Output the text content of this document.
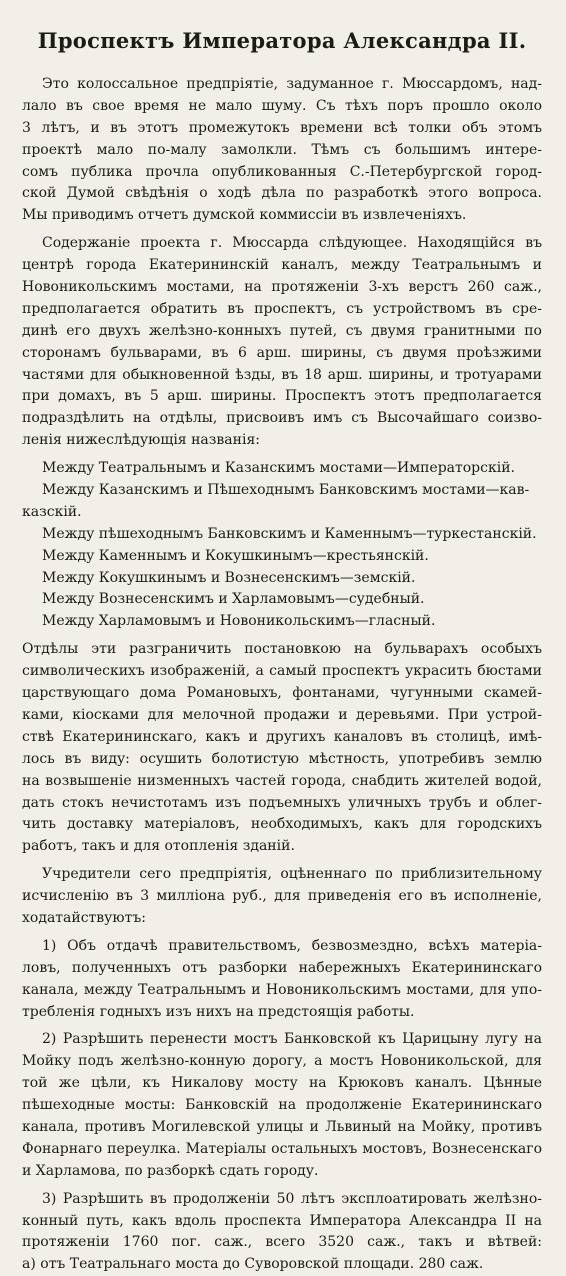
Проспектъ Императора Александра II.
Это колоссальное предпріятіе, задуманное г. Мюссардомъ, над-
лало въ свое время не мало шуму. Съ тѣхъ поръ прошло около
3 лѣтъ, и въ этотъ промежутокъ времени всѣ толки объ этомъ
проектѣ мало по-малу замолкли. Тѣмъ съ большимъ интере-
сомъ публика прочла опубликованныя С.-Петербургской город-
ской Думой свѣдѣнія о ходѣ дѣла по разработкѣ этого вопроса.
Мы приводимъ отчетъ думской коммиссіи въ извлеченіяхъ.
Содержаніе проекта г. Мюссарда слѣдующее. Находящійся въ
центрѣ города Екатерининскій каналъ, между Театральнымъ и
Новоникольскимъ мостами, на протяженіи 3-хъ верстъ 260 саж.,
предполагается обратить въ проспектъ, съ устройствомъ въ сре-
динѣ его двухъ желѣзно-конныхъ путей, съ двумя гранитными по
сторонамъ бульварами, въ 6 арш. ширины, съ двумя проѣзжими
частями для обыкновенной ѣзды, въ 18 арш. ширины, и тротуарами
при домахъ, въ 5 арш. ширины. Проспектъ этотъ предполагается
подраздѣлить на отдѣлы, присвоивъ имъ съ Высочайшаго соизво-
ленія нижеслѣдующія названія:
Между Театральнымъ и Казанскимъ мостами—Императорскій.
Между Казанскимъ и Пѣшеходнымъ Банковскимъ мостами—кав-
казскій.
Между пѣшеходнымъ Банковскимъ и Каменнымъ—туркестанскій.
Между Каменнымъ и Кокушкинымъ—крестьянскій.
Между Кокушкинымъ и Вознесенскимъ—земскій.
Между Вознесенскимъ и Харламовымъ—судебный.
Между Харламовымъ и Новоникольскимъ—гласный.
Отдѣлы эти разграничить постановкою на бульварахъ особыхъ
символическихъ изображеній, а самый проспектъ украсить бюстами
царствующаго дома Романовыхъ, фонтанами, чугунными скамей-
ками, кіосками для мелочной продажи и деревьями. При устрой-
ствѣ Екатерининскаго, какъ и другихъ каналовъ въ столицѣ, имѣ-
лось въ виду: осушить болотистую мѣстность, употребивъ землю
на возвышеніе низменныхъ частей города, снабдить жителей водой,
дать стокъ нечистотамъ изъ подъемныхъ уличныхъ трубъ и облег-
чить доставку матеріаловъ, необходимыхъ, какъ для городскихъ
работъ, такъ и для отопленія зданій.
Учредители сего предпріятія, оцѣненнаго по приблизительному
исчисленію въ 3 милліона руб., для приведенія его въ исполненіе,
ходатайствуютъ:
1) Объ отдачѣ правительствомъ, безвозмездно, всѣхъ матеріа-
ловъ, полученныхъ отъ разборки набережныхъ Екатерининскаго
канала, между Театральнымъ и Новоникольскимъ мостами, для упо-
требленія годныхъ изъ нихъ на предстоящія работы.
2) Разрѣшить перенести мостъ Банковской къ Царицыну лугу на
Мойку подъ желѣзно-конную дорогу, а мостъ Новоникольской, для
той же цѣли, къ Никалову мосту на Крюковъ каналъ. Цѣнные
пѣшеходные мосты: Банковскій на продолженіе Екатерининскаго
канала, противъ Могилевской улицы и Львиный на Мойку, противъ
Фонарнаго переулка. Матеріалы остальныхъ мостовъ, Вознесенскаго
и Харламова, по разборкѣ сдать городу.
3) Разрѣшить въ продолженіи 50 лѣтъ эксплоатировать желѣзно-
конный путь, какъ вдоль проспекта Императора Александра II на
протяженіи 1760 пог. саж., всего 3520 саж., такъ и вѣтвей:
а) отъ Театральнаго моста до Суворовской площади. 280 саж.
